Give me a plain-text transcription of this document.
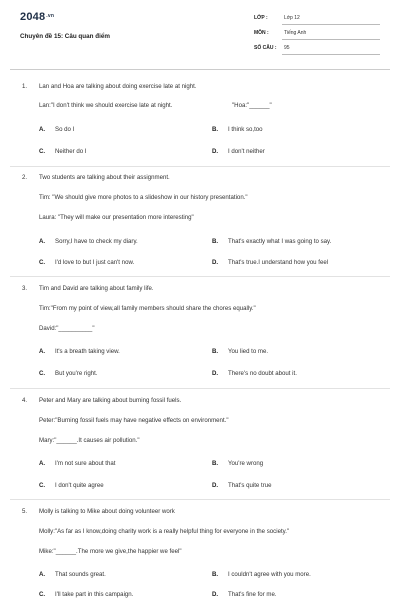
$2048^{.vn}$
Chuyên đề 15: Câu quan điểm
LỚP :	Lớp 12
MÔN :	Tiếng Anh
SỐ CÂU : 95
1. Lan and Hoa are talking about doing exercise late at night.
Lan:"I don't think we should exercise late at night.	"Hoa:"______"
A. So do I	B. I think so,too
C. Neither do I	D. I don't neither
2. Two students are talking about their assignment.
Tim: "We should give more photos to a slideshow in our history presentation."
Laura: "They will make our presentation more interesting"
A. Sorry,I have to check my diary.	B. That's exactly what I was going to say.
C. I'd love to but I just can't now.	D. That's true.I understand how you feel
3. Tim and David are talking about family life.
Tim:"From my point of view,all family members should share the chores equally."
David:"__________"
A. It's a breath taking view.	B. You lied to me.
C. But you're right.	D. There's no doubt about it.
4. Peter and Mary are talking about burning fossil fuels.
Peter:"Burning fossil fuels may have negative effects on environment."
Mary:"______.It causes air pollution."
A. I'm not sure about that	B. You're wrong
C. I don't quite agree	D. That's quite true
5. Molly is talking to Mike about doing volunteer work
Molly:"As far as I know,doing charity work is a really helpful thing for everyone in the society."
Mike:"______.The more we give,the happier we feel"
A. That sounds great.	B. I couldn't agree with you more.
C. I'll take part in this campaign.	D. That's fine for me.
